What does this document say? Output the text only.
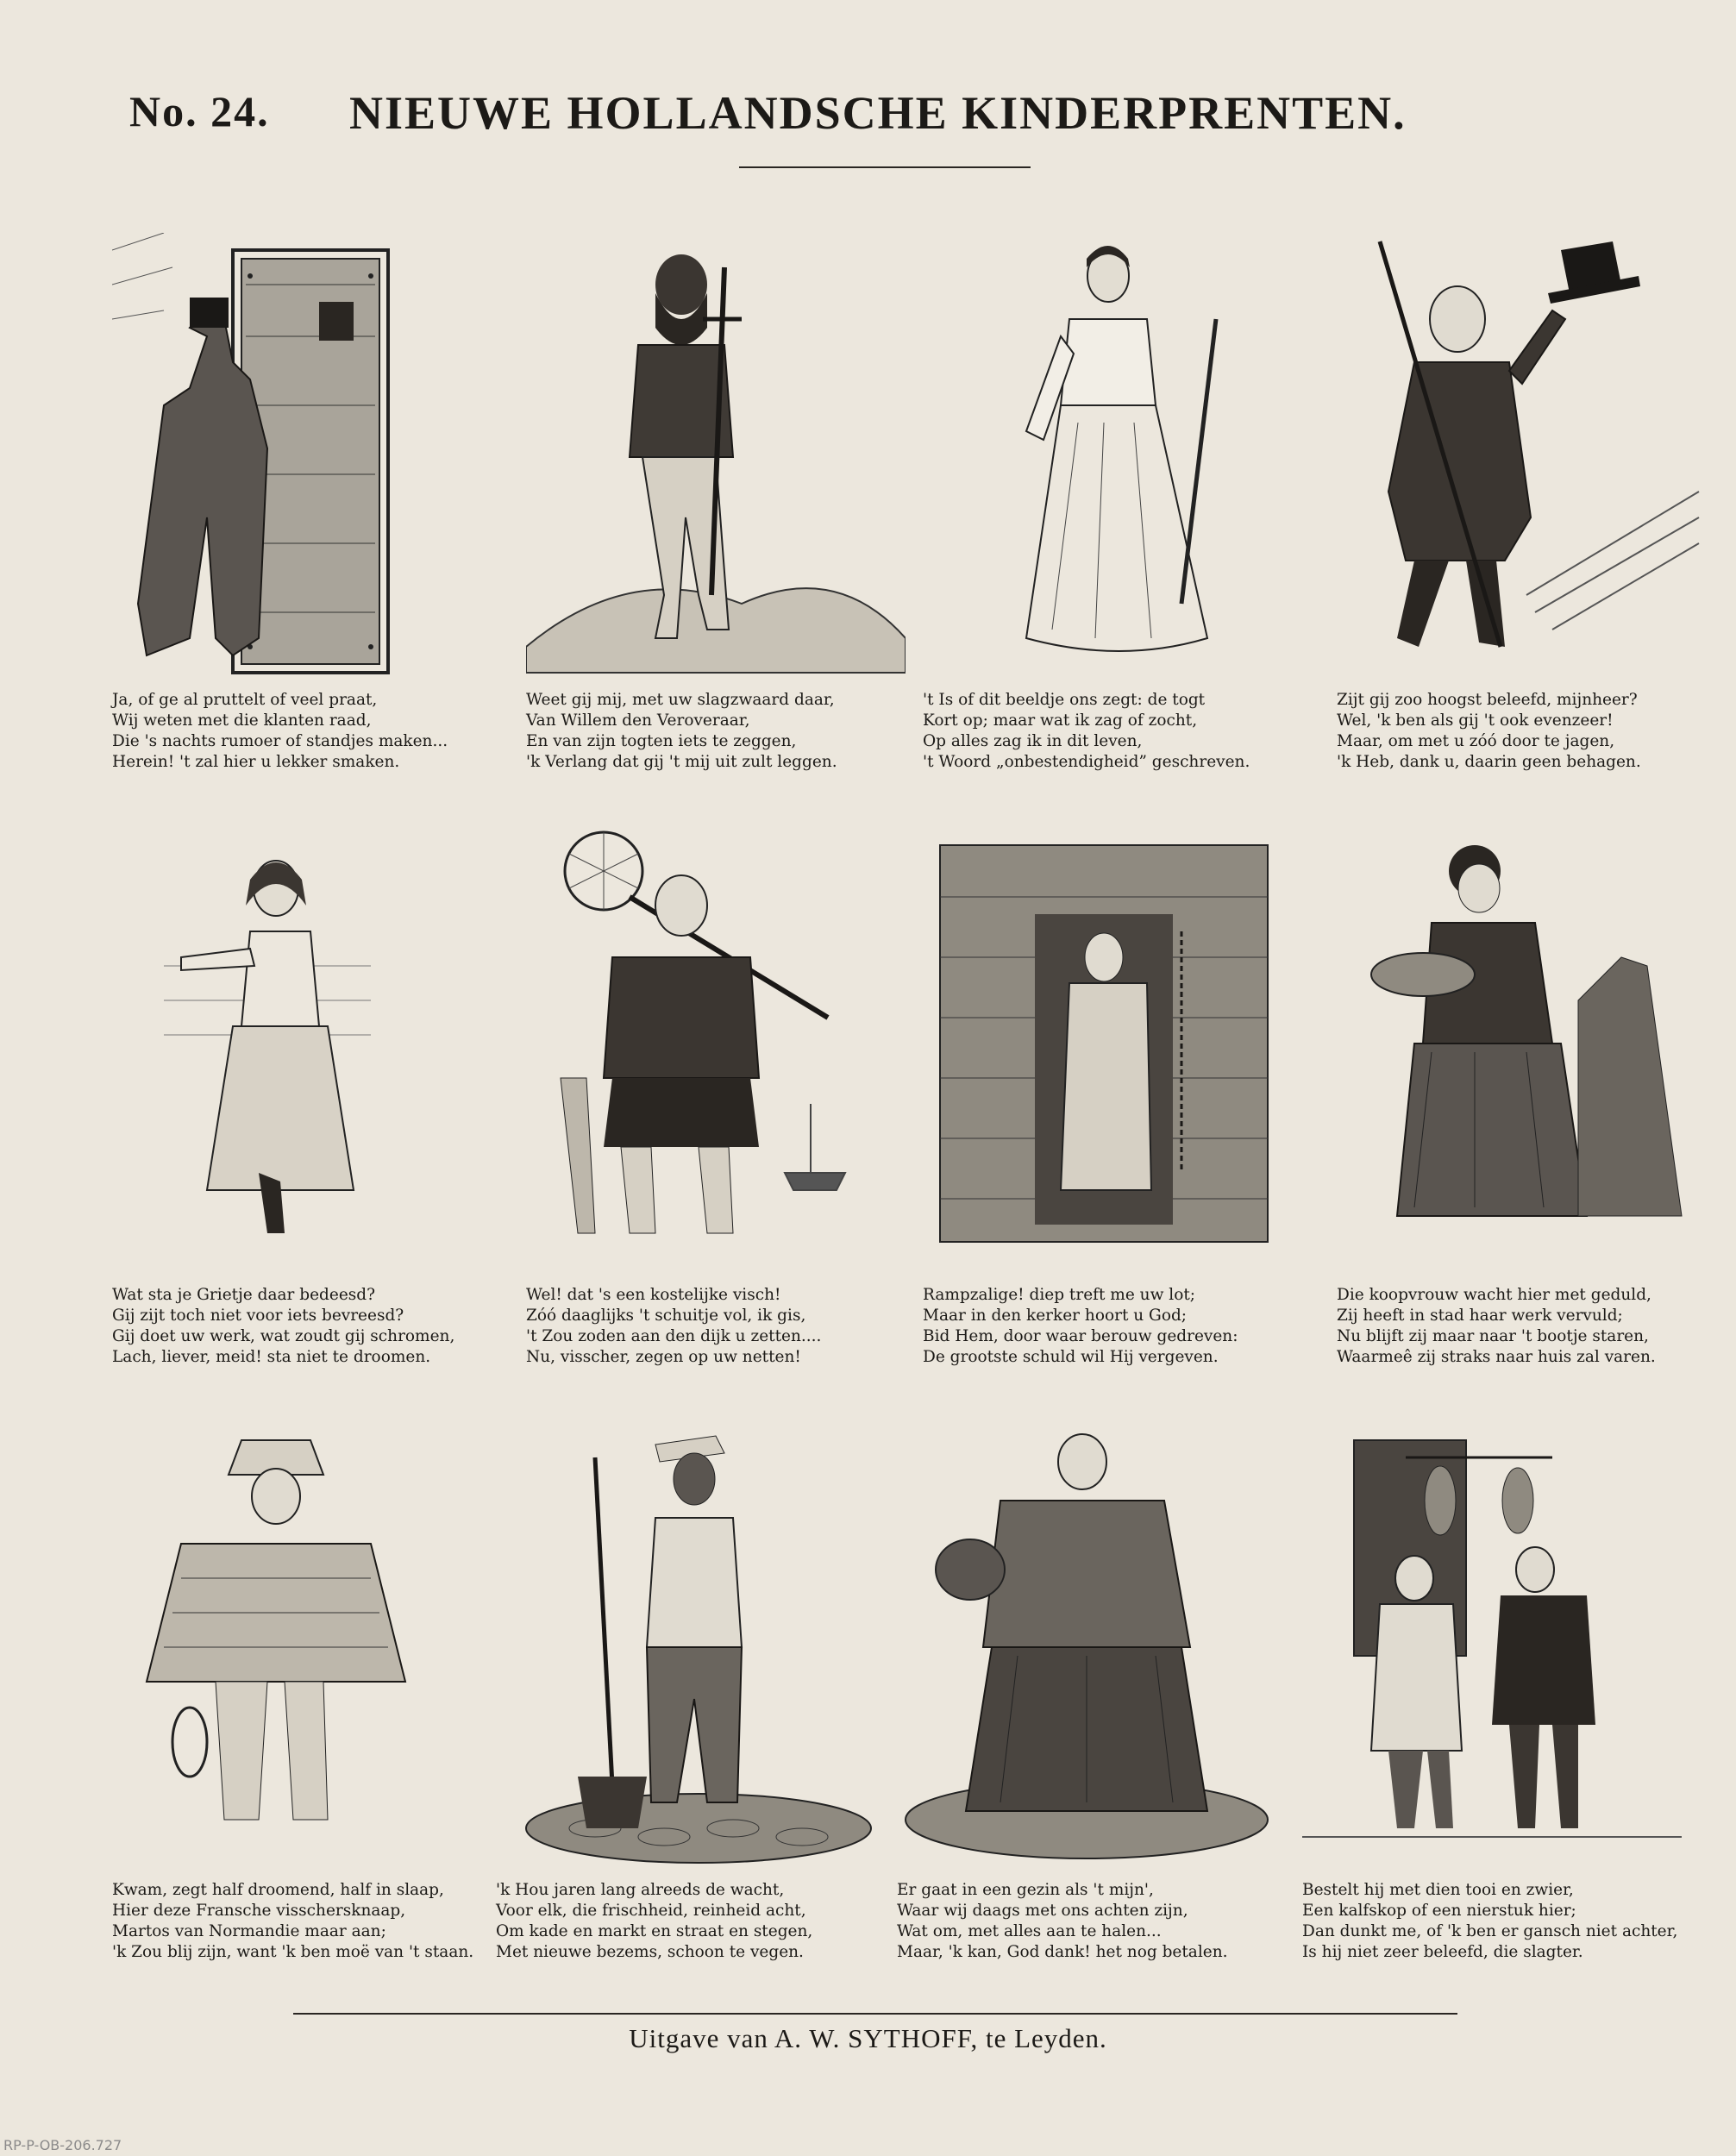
No. 24. NIEUWE HOLLANDSCHE KINDERPRENTEN.
Ja, of ge al pruttelt of veel praat,
Wij weten met die klanten raad,
Die 's nachts rumoer of standjes maken...
Herein! 't zal hier u lekker smaken.
Weet gij mij, met uw slagzwaard daar,
Van Willem den Veroveraar,
En van zijn togten iets te zeggen,
'k Verlang dat gij 't mij uit zult leggen.
't Is of dit beeldje ons zegt: de togt
Kort op; maar wat ik zag of zocht,
Op alles zag ik in dit leven,
't Woord „onbestendigheid” geschreven.
Zijt gij zoo hoogst beleefd, mijnheer?
Wel, 'k ben als gij 't ook evenzeer!
Maar, om met u zóó door te jagen,
'k Heb, dank u, daarin geen behagen.
Wat sta je Grietje daar bedeesd?
Gij zijt toch niet voor iets bevreesd?
Gij doet uw werk, wat zoudt gij schromen,
Lach, liever, meid! sta niet te droomen.
Wel! dat 's een kostelijke visch!
Zóó daaglijks 't schuitje vol, ik gis,
't Zou zoden aan den dijk u zetten....
Nu, visscher, zegen op uw netten!
Rampzalige! diep treft me uw lot;
Maar in den kerker hoort u God;
Bid Hem, door waar berouw gedreven:
De grootste schuld wil Hij vergeven.
Die koopvrouw wacht hier met geduld,
Zij heeft in stad haar werk vervuld;
Nu blijft zij maar naar 't bootje staren,
Waarmeê zij straks naar huis zal varen.
Kwam, zegt half droomend, half in slaap,
Hier deze Fransche visschersknaap,
Martos van Normandie maar aan;
'k Zou blij zijn, want 'k ben moë van 't staan.
'k Hou jaren lang alreeds de wacht,
Voor elk, die frischheid, reinheid acht,
Om kade en markt en straat en stegen,
Met nieuwe bezems, schoon te vegen.
Er gaat in een gezin als 't mijn',
Waar wij daags met ons achten zijn,
Wat om, met alles aan te halen...
Maar, 'k kan, God dank! het nog betalen.
Bestelt hij met dien tooi en zwier,
Een kalfskop of een nierstuk hier;
Dan dunkt me, of 'k ben er gansch niet achter,
Is hij niet zeer beleefd, die slagter.
Uitgave van A. W. SYTHOFF, te Leyden.
RP-P-OB-206.727
